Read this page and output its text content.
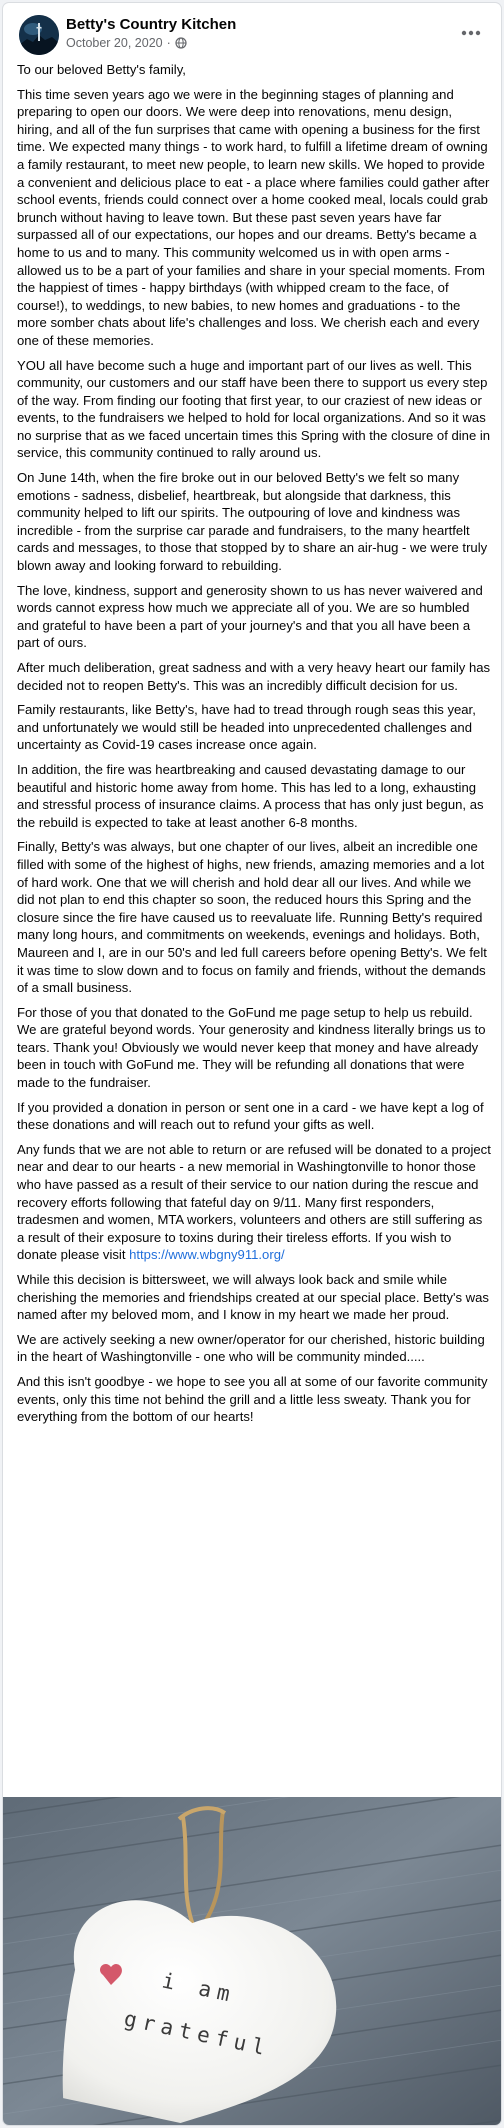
Betty's Country Kitchen
October 20, 2020 ·

To our beloved Betty's family,

This time seven years ago we were in the beginning stages of planning and preparing to open our doors. We were deep into renovations, menu design, hiring, and all of the fun surprises that came with opening a business for the first time. We expected many things - to work hard, to fulfill a lifetime dream of owning a family restaurant, to meet new people, to learn new skills. We hoped to provide a convenient and delicious place to eat - a place where families could gather after school events, friends could connect over a home cooked meal, locals could grab brunch without having to leave town. But these past seven years have far surpassed all of our expectations, our hopes and our dreams. Betty's became a home to us and to many. This community welcomed us in with open arms - allowed us to be a part of your families and share in your special moments. From the happiest of times - happy birthdays (with whipped cream to the face, of course!), to weddings, to new babies, to new homes and graduations - to the more somber chats about life's challenges and loss. We cherish each and every one of these memories.

YOU all have become such a huge and important part of our lives as well. This community, our customers and our staff have been there to support us every step of the way. From finding our footing that first year, to our craziest of new ideas or events, to the fundraisers we helped to hold for local organizations. And so it was no surprise that as we faced uncertain times this Spring with the closure of dine in service, this community continued to rally around us.

On June 14th, when the fire broke out in our beloved Betty's we felt so many emotions - sadness, disbelief, heartbreak, but alongside that darkness, this community helped to lift our spirits. The outpouring of love and kindness was incredible - from the surprise car parade and fundraisers, to the many heartfelt cards and messages, to those that stopped by to share an air-hug - we were truly blown away and looking forward to rebuilding.

The love, kindness, support and generosity shown to us has never waivered and words cannot express how much we appreciate all of you. We are so humbled and grateful to have been a part of your journey's and that you all have been a part of ours.

After much deliberation, great sadness and with a very heavy heart our family has decided not to reopen Betty's. This was an incredibly difficult decision for us.

Family restaurants, like Betty's, have had to tread through rough seas this year, and unfortunately we would still be headed into unprecedented challenges and uncertainty as Covid-19 cases increase once again.

In addition, the fire was heartbreaking and caused devastating damage to our beautiful and historic home away from home. This has led to a long, exhausting and stressful process of insurance claims. A process that has only just begun, as the rebuild is expected to take at least another 6-8 months.

Finally, Betty's was always, but one chapter of our lives, albeit an incredible one filled with some of the highest of highs, new friends, amazing memories and a lot of hard work. One that we will cherish and hold dear all our lives. And while we did not plan to end this chapter so soon, the reduced hours this Spring and the closure since the fire have caused us to reevaluate life. Running Betty's required many long hours, and commitments on weekends, evenings and holidays. Both, Maureen and I, are in our 50's and led full careers before opening Betty's. We felt it was time to slow down and to focus on family and friends, without the demands of a small business.

For those of you that donated to the GoFund me page setup to help us rebuild. We are grateful beyond words. Your generosity and kindness literally brings us to tears. Thank you! Obviously we would never keep that money and have already been in touch with GoFund me. They will be refunding all donations that were made to the fundraiser.

If you provided a donation in person or sent one in a card - we have kept a log of these donations and will reach out to refund your gifts as well.

Any funds that we are not able to return or are refused will be donated to a project near and dear to our hearts - a new memorial in Washingtonville to honor those who have passed as a result of their service to our nation during the rescue and recovery efforts following that fateful day on 9/11. Many first responders, tradesmen and women, MTA workers, volunteers and others are still suffering as a result of their exposure to toxins during their tireless efforts. If you wish to donate please visit https://www.wbgny911.org/

While this decision is bittersweet, we will always look back and smile while cherishing the memories and friendships created at our special place. Betty's was named after my beloved mom, and I know in my heart we made her proud.

We are actively seeking a new owner/operator for our cherished, historic building in the heart of Washingtonville - one who will be community minded.....

And this isn't goodbye - we hope to see you all at some of our favorite community events, only this time not behind the grill and a little less sweaty. Thank you for everything from the bottom of our hearts!

i am
grateful
